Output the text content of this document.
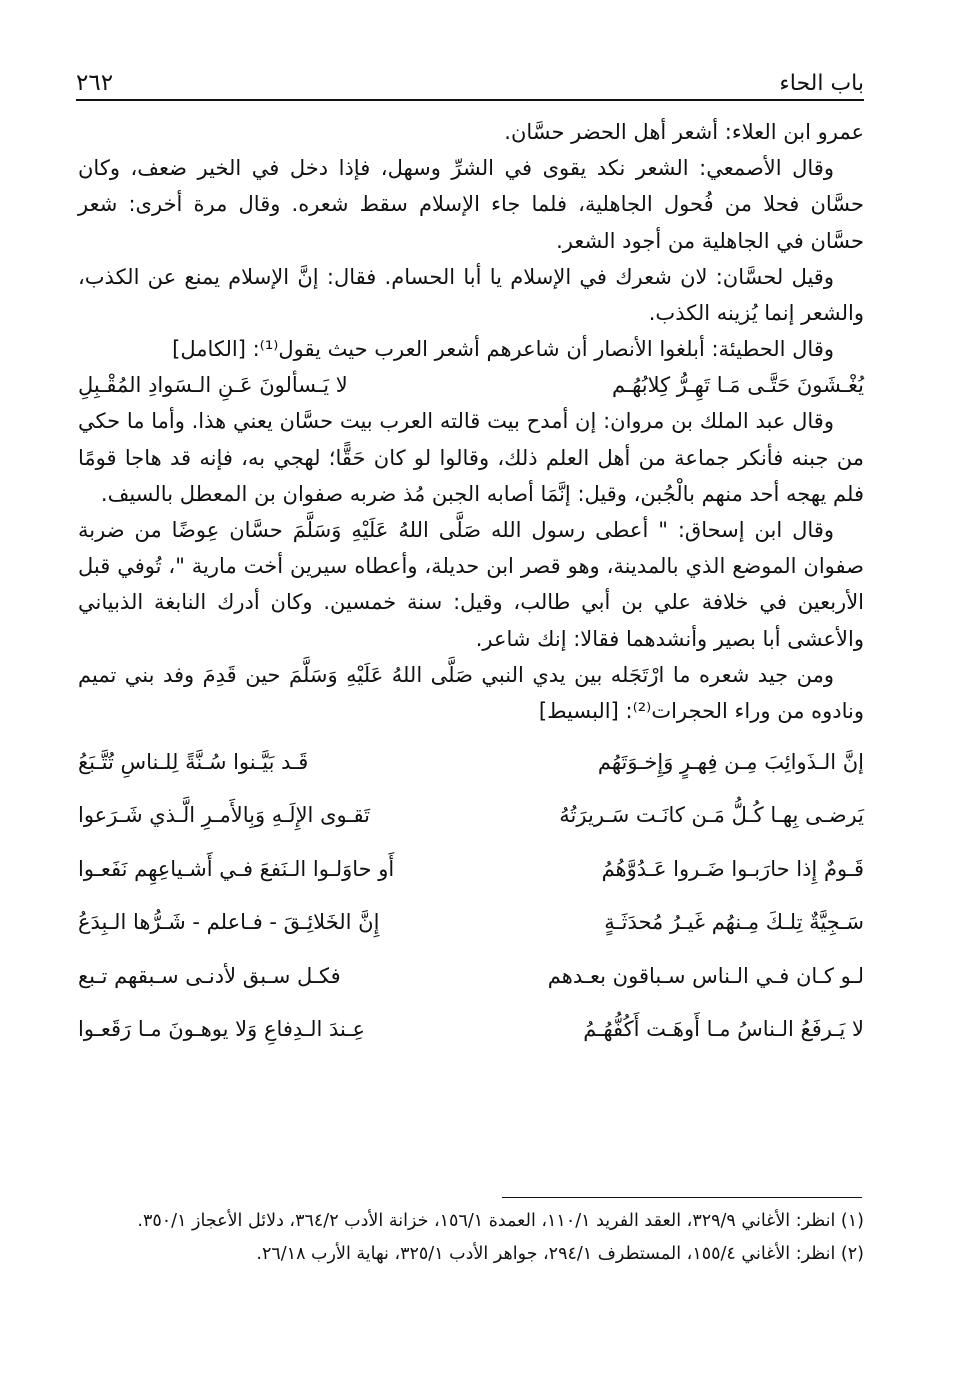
باب الحاء
٢٦٢

عمرو ابن العلاء: أشعر أهل الحضر حسَّان.

وقال الأصمعي: الشعر نكد يقوى في الشرِّ وسهل، فإذا دخل في الخير ضعف، وكان حسَّان فحلا من فُحول الجاهلية، فلما جاء الإسلام سقط شعره. وقال مرة أخرى: شعر حسَّان في الجاهلية من أجود الشعر.

وقيل لحسَّان: لان شعرك في الإسلام يا أبا الحسام. فقال: إنَّ الإسلام يمنع عن الكذب، والشعر إنما يُزينه الكذب.

وقال الحطيئة: أبلغوا الأنصار أن شاعرهم أشعر العرب حيث يقول⁽¹⁾: [الكامل]

يُغْـشَونَ حَتَّـى مَـا تَهِـرُّ كِلابُهُـم
لا يَـسألونَ عَـنِ الـسَوادِ المُقْـبِلِ

وقال عبد الملك بن مروان: إن أمدح بيت قالته العرب بيت حسَّان يعني هذا. وأما ما حكي من جبنه فأنكر جماعة من أهل العلم ذلك، وقالوا لو كان حَقًّا؛ لهجي به، فإنه قد هاجا قومًا فلم يهجه أحد منهم بالْجُبن، وقيل: إنَّمَا أصابه الجبن مُذ ضربه صفوان بن المعطل بالسيف.

وقال ابن إسحاق: " أعطى رسول الله صَلَّى اللهُ عَلَيْهِ وَسَلَّمَ حسَّان عِوضًا من ضربة صفوان الموضع الذي بالمدينة، وهو قصر ابن حديلة، وأعطاه سيرين أخت مارية "، تُوفي قبل الأربعين في خلافة علي بن أبي طالب، وقيل: سنة خمسين. وكان أدرك النابغة الذبياني والأعشى أبا بصير وأنشدهما فقالا: إنك شاعر.

ومن جيد شعره ما ارْتَجَله بين يدي النبي صَلَّى اللهُ عَلَيْهِ وَسَلَّمَ حين قَدِمَ وفد بني تميم ونادوه من وراء الحجرات⁽²⁾: [البسيط]

إنَّ الـذَوائِبَ مِـن فِهـرٍ وَإِخـوَتَهُم
قَـد بَيَّـنوا سُـنَّةً لِلـناسِ تُتَّـبَعُ
يَرضـى بِهـا كُـلُّ مَـن كانَـت سَـريرَتُهُ
تَقـوى الإِلَـهِ وَبِالأَمـرِ الَّـذي شَـرَعوا
قَـومٌ إِذا حارَبـوا ضَـروا عَـدُوَّهُمُ
أَو حاوَلـوا الـنَفعَ فـي أَشـياعِهِم نَفَعـوا
سَـجِيَّةٌ تِلـكَ مِـنهُم غَيـرُ مُحدَثَـةٍ
إِنَّ الخَلائِـقَ - فـاعلم - شَـرُّها الـبِدَعُ
لـو كـان فـي الـناس سـباقون بعـدهم
فكـل سـبق لأدنـى سـبقهم تـبع
لا يَـرفَعُ الـناسُ مـا أَوهَـت أَكُفُّهُـمُ
عِـندَ الـدِفاعِ وَلا يوهـونَ مـا رَقَعـوا

(١) انظر: الأغاني ٣٢٩/٩، العقد الفريد ١١٠/١، العمدة ١٥٦/١، خزانة الأدب ٣٦٤/٢، دلائل الأعجاز ٣٥٠/١.

(٢) انظر: الأغاني ١٥٥/٤، المستطرف ٢٩٤/١، جواهر الأدب ٣٢٥/١، نهاية الأرب ٢٦/١٨.
